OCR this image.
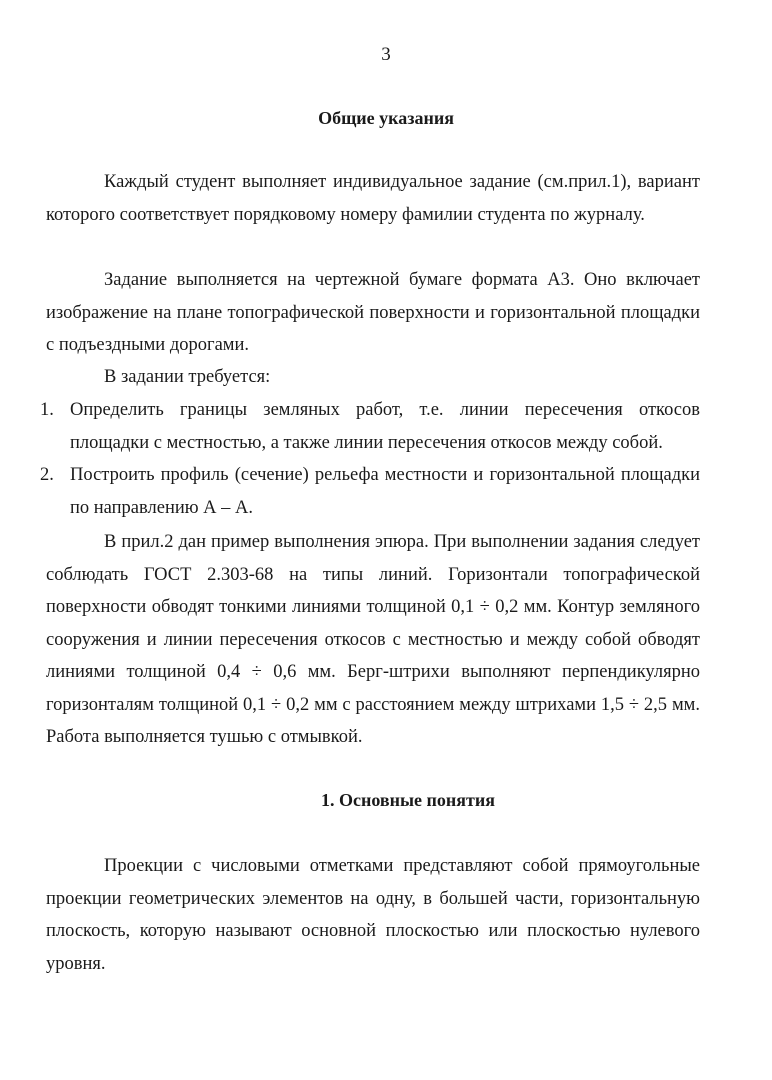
3
Общие указания
Каждый студент выполняет индивидуальное задание (см.прил.1), вариант которого соответствует порядковому номеру фамилии студента по журналу.
Задание выполняется на чертежной бумаге формата А3. Оно включает изображение на плане топографической поверхности и горизонтальной площадки с подъездными дорогами.
В задании требуется:
1. Определить границы земляных работ, т.е. линии пересечения откосов площадки с местностью, а также линии пересечения откосов между собой.
2. Построить профиль (сечение) рельефа местности и горизонтальной площадки по направлению А – А.
В прил.2 дан пример выполнения эпюра. При выполнении задания следует соблюдать ГОСТ 2.303-68 на типы линий. Горизонтали топографической поверхности обводят тонкими линиями толщиной 0,1 ÷ 0,2 мм. Контур земляного сооружения и линии пересечения откосов с местностью и между собой обводят линиями толщиной 0,4 ÷ 0,6 мм. Берг-штрихи выполняют перпендикулярно горизонталям толщиной 0,1 ÷ 0,2 мм с расстоянием между штрихами 1,5 ÷ 2,5 мм. Работа выполняется тушью с отмывкой.
1. Основные понятия
Проекции с числовыми отметками представляют собой прямоугольные проекции геометрических элементов на одну, в большей части, горизонтальную плоскость, которую называют основной плоскостью или плоскостью нулевого уровня.
